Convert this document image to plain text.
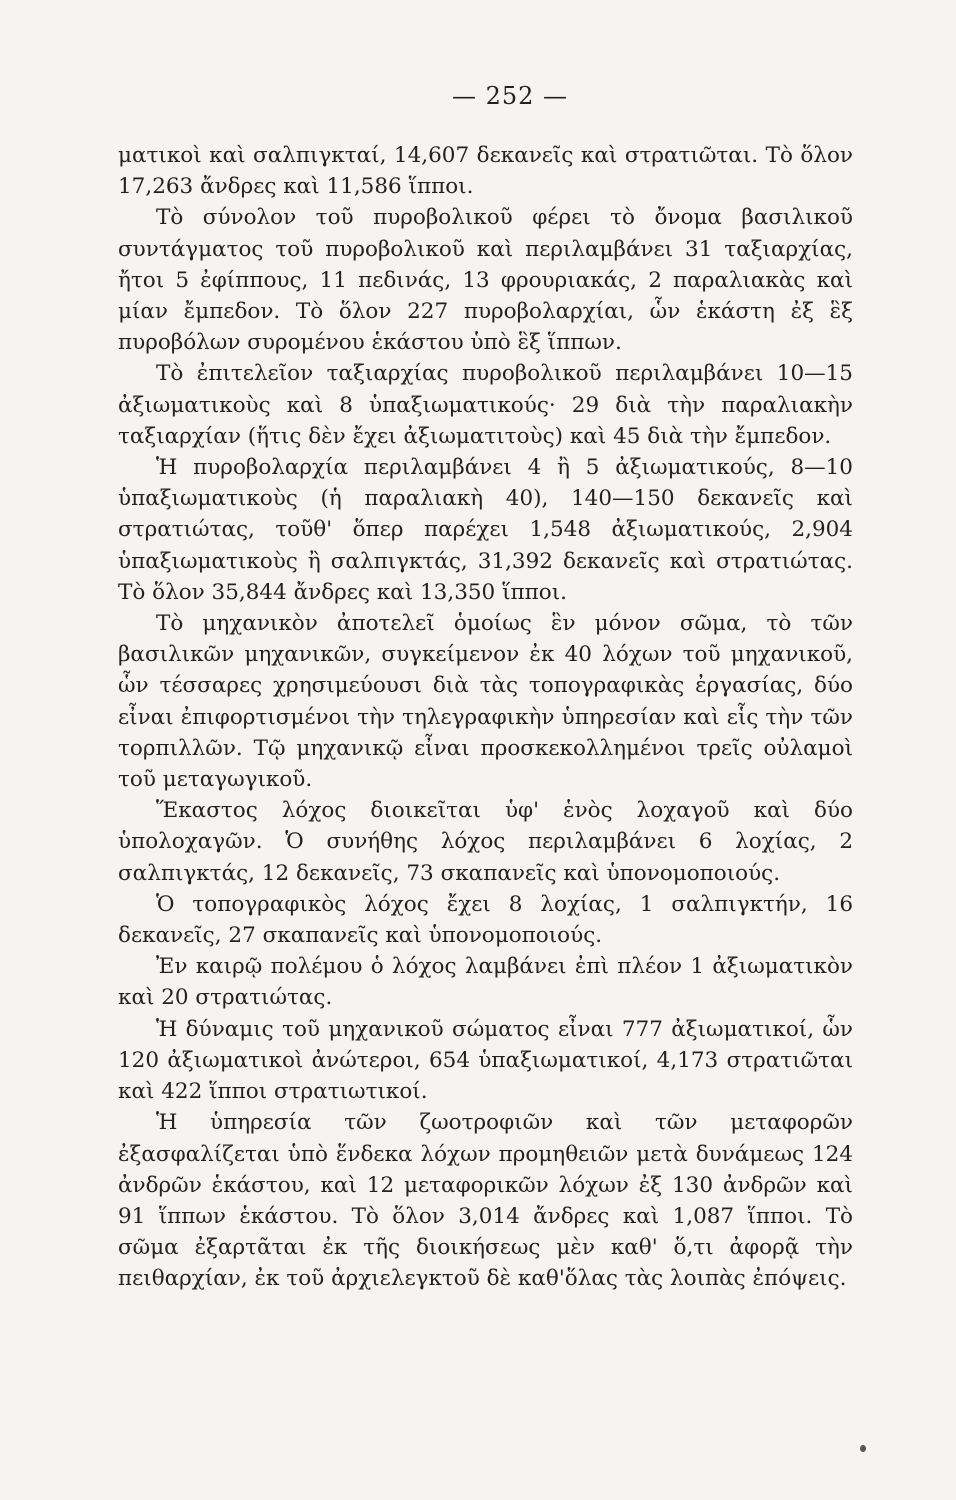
— 252 —

ματικοὶ καὶ σαλπιγκταί, 14,607 δεκανεῖς καὶ στρατιῶται. Τὸ ὅλον 17,263 ἄνδρες καὶ 11,586 ἵπποι.

Τὸ σύνολον τοῦ πυροβολικοῦ φέρει τὸ ὄνομα βασιλικοῦ συντάγματος τοῦ πυροβολικοῦ καὶ περιλαμβάνει 31 ταξιαρχίας, ἤτοι 5 ἐφίππους, 11 πεδινάς, 13 φρουριακάς, 2 παραλιακὰς καὶ μίαν ἔμπεδον. Τὸ ὅλον 227 πυροβολαρχίαι, ὧν ἑκάστη ἐξ ἓξ πυροβόλων συρομένου ἑκάστου ὑπὸ ἓξ ἵππων.

Τὸ ἐπιτελεῖον ταξιαρχίας πυροβολικοῦ περιλαμβάνει 10—15 ἀξιωματικοὺς καὶ 8 ὑπαξιωματικούς· 29 διὰ τὴν παραλιακὴν ταξιαρχίαν (ἥτις δὲν ἔχει ἀξιωματιτοὺς) καὶ 45 διὰ τὴν ἔμπεδον.

Ἡ πυροβολαρχία περιλαμβάνει 4 ἢ 5 ἀξιωματικούς, 8—10 ὑπαξιωματικοὺς (ἡ παραλιακὴ 40), 140—150 δεκανεῖς καὶ στρατιώτας, τοῦθ' ὅπερ παρέχει 1,548 ἀξιωματικούς, 2,904 ὑπαξιωματικοὺς ἢ σαλπιγκτάς, 31,392 δεκανεῖς καὶ στρατιώτας. Τὸ ὅλον 35,844 ἄνδρες καὶ 13,350 ἵπποι.

Τὸ μηχανικὸν ἀποτελεῖ ὁμοίως ἓν μόνον σῶμα, τὸ τῶν βασιλικῶν μηχανικῶν, συγκείμενον ἐκ 40 λόχων τοῦ μηχανικοῦ, ὧν τέσσαρες χρησιμεύουσι διὰ τὰς τοπογραφικὰς ἐργασίας, δύο εἶναι ἐπιφορτισμένοι τὴν τηλεγραφικὴν ὑπηρεσίαν καὶ εἷς τὴν τῶν τορπιλλῶν. Τῷ μηχανικῷ εἶναι προσκεκολλημένοι τρεῖς οὐλαμοὶ τοῦ μεταγωγικοῦ.

Ἕκαστος λόχος διοικεῖται ὑφ' ἑνὸς λοχαγοῦ καὶ δύο ὑπολοχαγῶν. Ὁ συνήθης λόχος περιλαμβάνει 6 λοχίας, 2 σαλπιγκτάς, 12 δεκανεῖς, 73 σκαπανεῖς καὶ ὑπονομοποιούς.

Ὁ τοπογραφικὸς λόχος ἔχει 8 λοχίας, 1 σαλπιγκτήν, 16 δεκανεῖς, 27 σκαπανεῖς καὶ ὑπονομοποιούς.

Ἐν καιρῷ πολέμου ὁ λόχος λαμβάνει ἐπὶ πλέον 1 ἀξιωματικὸν καὶ 20 στρατιώτας.

Ἡ δύναμις τοῦ μηχανικοῦ σώματος εἶναι 777 ἀξιωματικοί, ὧν 120 ἀξιωματικοὶ ἀνώτεροι, 654 ὑπαξιωματικοί, 4,173 στρατιῶται καὶ 422 ἵπποι στρατιωτικοί.

Ἡ ὑπηρεσία τῶν ζωοτροφιῶν καὶ τῶν μεταφορῶν ἐξασφαλίζεται ὑπὸ ἕνδεκα λόχων προμηθειῶν μετὰ δυνάμεως 124 ἀνδρῶν ἑκάστου, καὶ 12 μεταφορικῶν λόχων ἐξ 130 ἀνδρῶν καὶ 91 ἵππων ἑκάστου. Τὸ ὅλον 3,014 ἄνδρες καὶ 1,087 ἵπποι. Τὸ σῶμα ἐξαρτᾶται ἐκ τῆς διοικήσεως μὲν καθ' ὅ,τι ἀφορᾷ τὴν πειθαρχίαν, ἐκ τοῦ ἀρχιελεγκτοῦ δὲ καθ'ὅλας τὰς λοιπὰς ἐπόψεις.
